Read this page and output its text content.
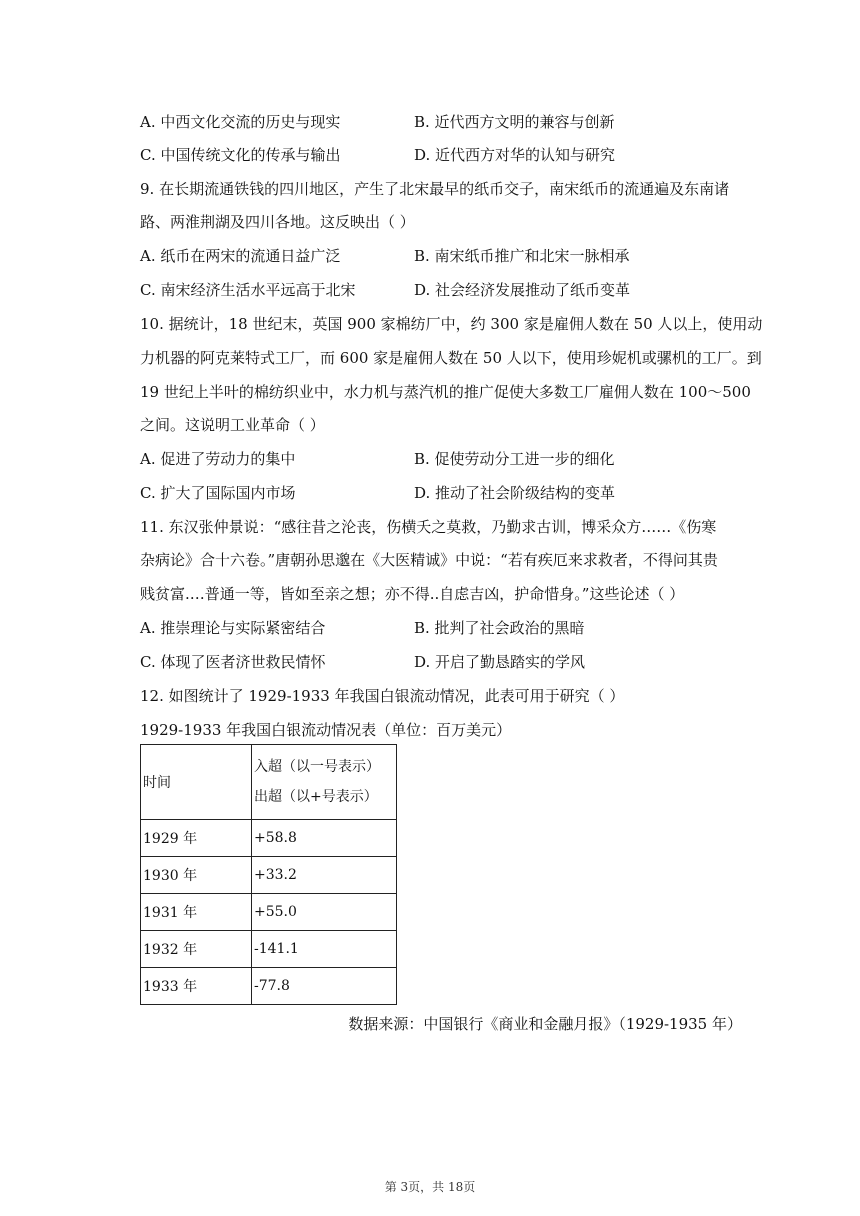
A. 中西文化交流的历史与现实	B. 近代西方文明的兼容与创新
C. 中国传统文化的传承与输出	D. 近代西方对华的认知与研究
9. 在长期流通铁钱的四川地区，产生了北宋最早的纸币交子，南宋纸币的流通遍及东南诸
路、两淮荆湖及四川各地。这反映出（ ）
A. 纸币在两宋的流通日益广泛	B. 南宋纸币推广和北宋一脉相承
C. 南宋经济生活水平远高于北宋	D. 社会经济发展推动了纸币变革
10. 据统计，18 世纪末，英国 900 家棉纺厂中，约 300 家是雇佣人数在 50 人以上，使用动
力机器的阿克莱特式工厂，而 600 家是雇佣人数在 50 人以下，使用珍妮机或骡机的工厂。到
19 世纪上半叶的棉纺织业中，水力机与蒸汽机的推广促使大多数工厂雇佣人数在 100～500
之间。这说明工业革命（ ）
A. 促进了劳动力的集中	B. 促使劳动分工进一步的细化
C. 扩大了国际国内市场	D. 推动了社会阶级结构的变革
11. 东汉张仲景说：“感往昔之沦丧，伤横夭之莫救，乃勤求古训，博采众方……《伤寒
杂病论》合十六卷。”唐朝孙思邈在《大医精诚》中说：“若有疾厄来求救者，不得问其贵
贱贫富.…普通一等，皆如至亲之想；亦不得..自虑吉凶，护命惜身。”这些论述（ ）
A. 推崇理论与实际紧密结合	B. 批判了社会政治的黑暗
C. 体现了医者济世救民情怀	D. 开启了勤恳踏实的学风
12. 如图统计了 1929-1933 年我国白银流动情况，此表可用于研究（ ）
1929-1933 年我国白银流动情况表（单位：百万美元）
时间	入超（以一号表示）
出超（以+号表示）

1929 年	+58.8
1930 年	+33.2
1931 年	+55.0
1932 年	-141.1
1933 年	-77.8
数据来源：中国银行《商业和金融月报》（1929-1935 年）
第 3页，共 18页
